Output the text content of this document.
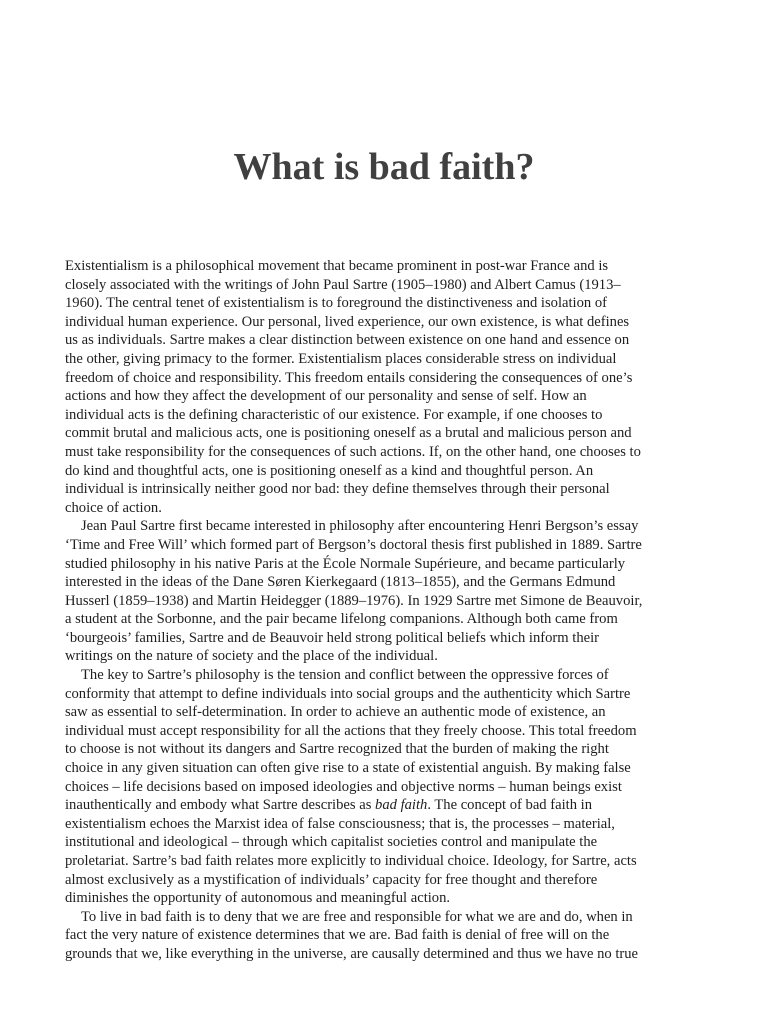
What is bad faith?

Existentialism is a philosophical movement that became prominent in post-war France and is
closely associated with the writings of John Paul Sartre (1905–1980) and Albert Camus (1913–
1960). The central tenet of existentialism is to foreground the distinctiveness and isolation of
individual human experience. Our personal, lived experience, our own existence, is what defines
us as individuals. Sartre makes a clear distinction between existence on one hand and essence on
the other, giving primacy to the former. Existentialism places considerable stress on individual
freedom of choice and responsibility. This freedom entails considering the consequences of one’s
actions and how they affect the development of our personality and sense of self. How an
individual acts is the defining characteristic of our existence. For example, if one chooses to
commit brutal and malicious acts, one is positioning oneself as a brutal and malicious person and
must take responsibility for the consequences of such actions. If, on the other hand, one chooses to
do kind and thoughtful acts, one is positioning oneself as a kind and thoughtful person. An
individual is intrinsically neither good nor bad: they define themselves through their personal
choice of action.

Jean Paul Sartre first became interested in philosophy after encountering Henri Bergson’s essay
‘Time and Free Will’ which formed part of Bergson’s doctoral thesis first published in 1889. Sartre
studied philosophy in his native Paris at the École Normale Supérieure, and became particularly
interested in the ideas of the Dane Søren Kierkegaard (1813–1855), and the Germans Edmund
Husserl (1859–1938) and Martin Heidegger (1889–1976). In 1929 Sartre met Simone de Beauvoir,
a student at the Sorbonne, and the pair became lifelong companions. Although both came from
‘bourgeois’ families, Sartre and de Beauvoir held strong political beliefs which inform their
writings on the nature of society and the place of the individual.

The key to Sartre’s philosophy is the tension and conflict between the oppressive forces of
conformity that attempt to define individuals into social groups and the authenticity which Sartre
saw as essential to self-determination. In order to achieve an authentic mode of existence, an
individual must accept responsibility for all the actions that they freely choose. This total freedom
to choose is not without its dangers and Sartre recognized that the burden of making the right
choice in any given situation can often give rise to a state of existential anguish. By making false
choices – life decisions based on imposed ideologies and objective norms – human beings exist
inauthentically and embody what Sartre describes as bad faith. The concept of bad faith in
existentialism echoes the Marxist idea of false consciousness; that is, the processes – material,
institutional and ideological – through which capitalist societies control and manipulate the
proletariat. Sartre’s bad faith relates more explicitly to individual choice. Ideology, for Sartre, acts
almost exclusively as a mystification of individuals’ capacity for free thought and therefore
diminishes the opportunity of autonomous and meaningful action.

To live in bad faith is to deny that we are free and responsible for what we are and do, when in
fact the very nature of existence determines that we are. Bad faith is denial of free will on the
grounds that we, like everything in the universe, are causally determined and thus we have no true
